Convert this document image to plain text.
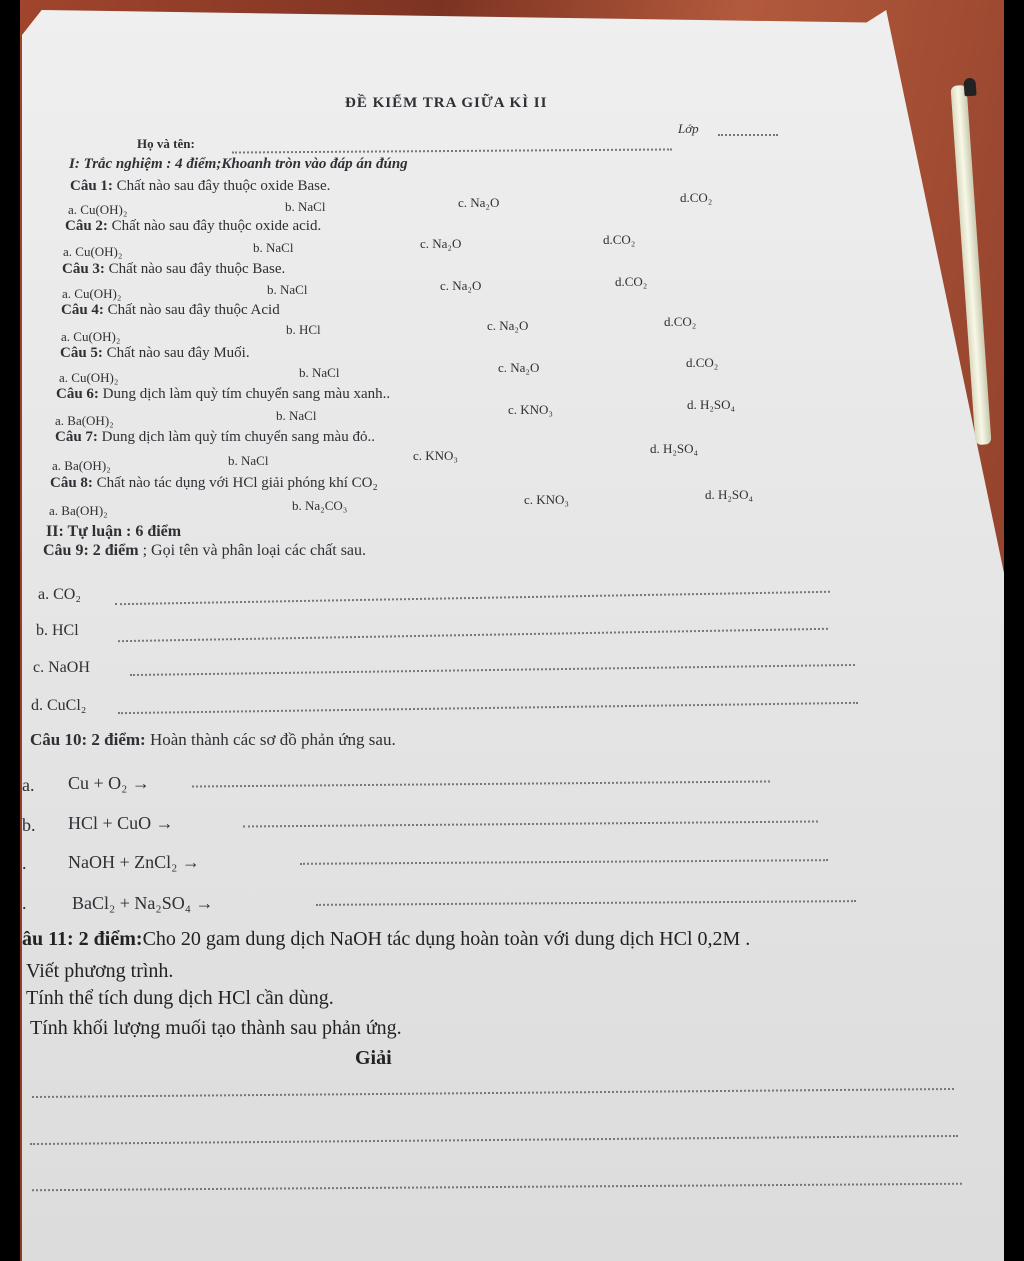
ĐỀ KIỂM TRA GIỮA KÌ II
Họ và tên:
Lớp
I: Trắc nghiệm : 4 điểm;Khoanh tròn vào đáp án đúng
Câu 1: Chất nào sau đây thuộc oxide Base.
a. Cu(OH)₂	b. NaCl	c. Na₂O	d.CO₂
Câu 2: Chất nào sau đây thuộc oxide acid.
a. Cu(OH)₂	b. NaCl	c. Na₂O	d.CO₂
Câu 3: Chất nào sau đây thuộc Base.
a. Cu(OH)₂	b. NaCl	c. Na₂O	d.CO₂
Câu 4: Chất nào sau đây thuộc Acid
a. Cu(OH)₂	b. HCl	c. Na₂O	d.CO₂
Câu 5: Chất nào sau đây Muối.
a. Cu(OH)₂	b. NaCl	c. Na₂O	d.CO₂
Câu 6: Dung dịch làm quỳ tím chuyển sang màu xanh..
a. Ba(OH)₂	b. NaCl	c. KNO₃	d. H₂SO₄
Câu 7: Dung dịch làm quỳ tím chuyển sang màu đỏ..
a. Ba(OH)₂	b. NaCl	c. KNO₃	d. H₂SO₄
Câu 8: Chất nào tác dụng với HCl giải phóng khí CO₂
a. Ba(OH)₂	b. Na₂CO₃	c. KNO₃	d. H₂SO₄
II: Tự luận : 6 điểm
Câu 9: 2 điểm ; Gọi tên và phân loại các chất sau.
a. CO₂
b. HCl
c. NaOH
d. CuCl₂
Câu 10: 2 điểm: Hoàn thành các sơ đồ phản ứng sau.
a. Cu + O₂ →
b. HCl + CuO →
. NaOH + ZnCl₂ →
.	BaCl₂ + Na₂SO₄ →
âu 11: 2 điểm:Cho 20 gam dung dịch NaOH tác dụng hoàn toàn với dung dịch HCl 0,2M .
Viết phương trình.
Tính thể tích dung dịch HCl cần dùng.
Tính khối lượng muối tạo thành sau phản ứng.
Giải
